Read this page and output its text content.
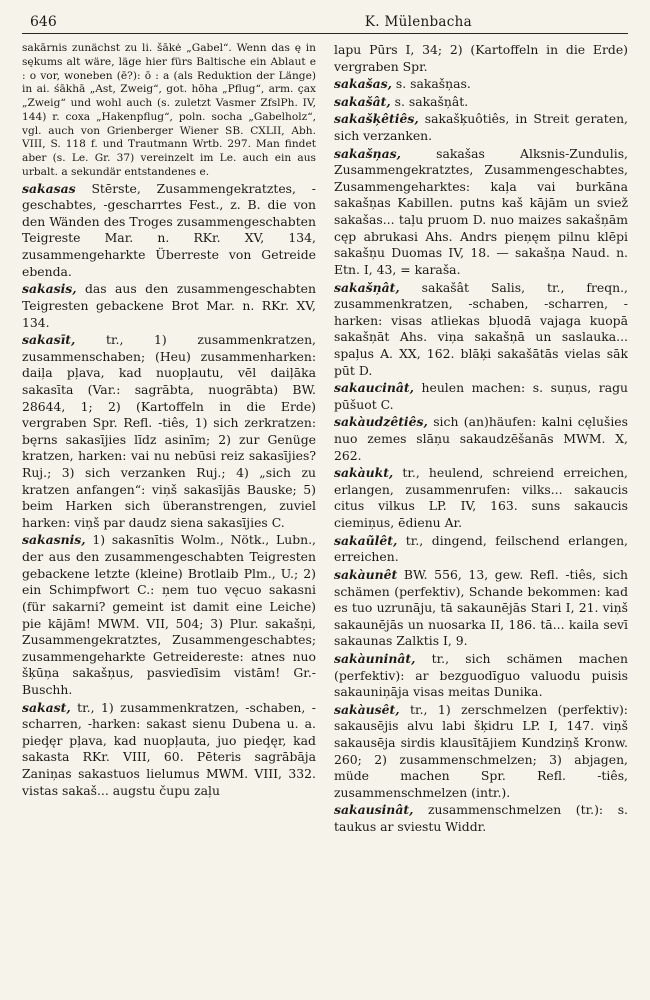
646	K. Mülenbacha

sakārnis zunächst zu li. šākė „Gabel“. Wenn das ę in sękums alt wäre, läge hier fürs Baltische ein Ablaut e : o vor, woneben (ē?): ō : a (als Reduktion der Länge) in ai. śākhā „Ast, Zweig“, got. hōha „Pflug“, arm. çax „Zweig“ und wohl auch (s. zuletzt Vasmer ZfslPh. IV, 144) r. coxa „Hakenpflug“, poln. socha „Gabelholz“, vgl. auch von Grienberger Wiener SB. CXLII, Abh. VIII, S. 118 f. und Trautmann Wrtb. 297. Man findet aber (s. Le. Gr. 37) vereinzelt im Le. auch ein aus urbalt. a sekundär entstandenes e.

sakasas Stērste, Zusammengekratztes, -geschabtes, -gescharrtes Fest., z. B. die von den Wänden des Troges zusammengeschabten Teigreste Mar. n. RKr. XV, 134, zusammengeharkte Überreste von Getreide ebenda.

sakasis, das aus den zusammengeschabten Teigresten gebackene Brot Mar. n. RKr. XV, 134.

sakasīt, tr., 1) zusammenkratzen, zusammenschaben; (Heu) zusammenharken: daiļa pļava, kad nuopļautu, vēl daiļāka sakasīta (Var.: sagrābta, nuogrābta) BW. 28644, 1; 2) (Kartoffeln in die Erde) vergraben Spr. Refl. -tiês, 1) sich zerkratzen: bęrns sakasījies līdz asinīm; 2) zur Genüge kratzen, harken: vai nu nebūsi reiz sakasījies? Ruj.; 3) sich verzanken Ruj.; 4) „sich zu kratzen anfangen“: viņš sakasījās Bauske; 5) beim Harken sich überanstrengen, zuviel harken: viņš par daudz siena sakasījies C.

sakasnis, 1) sakasnītis Wolm., Nötk., Lubn., der aus den zusammengeschabten Teigresten gebackene letzte (kleine) Brotlaib Plm., U.; 2) ein Schimpfwort C.: ņem tuo vęcuo sakasni (für sakarni? gemeint ist damit eine Leiche) pie kājām! MWM. VII, 504; 3) Plur. sakašņi, Zusammengekratztes, Zusammengeschabtes; zusammengeharkte Getreidereste: atnes nuo šķūņa sakašņus, pasviedīsim vistām! Gr.-Buschh.

sakast, tr., 1) zusammenkratzen, -schaben, -scharren, -harken: sakast sienu Dubena u. a. pieḑęr pļava, kad nuopļauta, juo pieḑęr, kad sakasta RKr. VIII, 60. Pēteris sagrābāja Zaniņas sakastuos lielumus MWM. VIII, 332. vistas sakaš... augstu čupu zaļu

lapu Pūrs I, 34; 2) (Kartoffeln in die Erde) vergraben Spr.

sakašas, s. sakašņas.

sakašât, s. sakašņât.

sakašķêtiês, sakašķuôtiês, in Streit geraten, sich verzanken.

sakašņas, sakašas Alksnis-Zundulis, Zusammengekratztes, Zusammengeschabtes, Zusammengeharktes: kaļa vai burkāna sakašņas Kabillen. putns kaš kājām un sviež sakašas... taļu pruom D. nuo maizes sakašņām cęp abrukasi Ahs. Andrs pieņęm pilnu klēpi sakašņu Duomas IV, 18. — sakašņa Naud. n. Etn. I, 43, = karaša.

sakašņât, sakašât Salis, tr., freqn., zusammenkratzen, -schaben, -scharren, -harken: visas atliekas bļuodā vajaga kuopā sakašņāt Ahs. viņa sakašņā un saslauka... spaļus A. XX, 162. blāķi sakašātās vielas sāk pūt D.

sakaucinât, heulen machen: s. suņus, ragu pūšuot C.

sakàudzêtiês, sich (an)häufen: kalni cęlušies nuo zemes slāņu sakaudzēšanās MWM. X, 262.

sakàukt, tr., heulend, schreiend erreichen, erlangen, zusammenrufen: vilks... sakaucis citus vilkus LP. IV, 163. suns sakaucis ciemiņus, ēdienu Ar.

sakaũlêt, tr., dingend, feilschend erlangen, erreichen.

sakàunêt BW. 556, 13, gew. Refl. -tiês, sich schämen (perfektiv), Schande bekommen: kad es tuo uzrunāju, tā sakaunējās Stari I, 21. viņš sakaunējās un nuosarka II, 186. tā... kaila sevī sakaunas Zalktis I, 9.

sakàuninât, tr., sich schämen machen (perfektiv): ar bezguodīguo valuodu puisis sakauniņāja visas meitas Dunika.

sakàusêt, tr., 1) zerschmelzen (perfektiv): sakausējis alvu labi šķidru LP. I, 147. viņš sakausēja sirdis klausītājiem Kundziņš Kronw. 260; 2) zusammenschmelzen; 3) abjagen, müde machen Spr. Refl. -tiês, zusammenschmelzen (intr.).

sakausinât, zusammenschmelzen (tr.): s. taukus ar sviestu Widdr.
